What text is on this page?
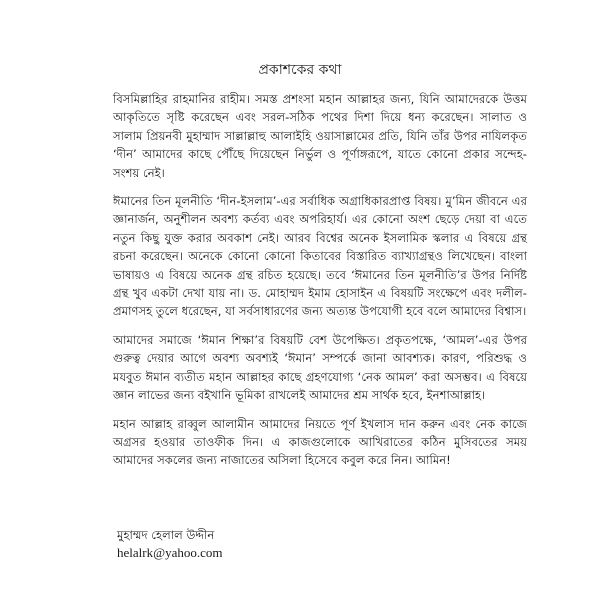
প্রকাশকের কথা

বিসমিল্লাহির রাহমানির রাহীম। সমস্ত প্রশংসা মহান আল্লাহর জন্য, যিনি আমাদেরকে উত্তম আকৃতিতে সৃষ্টি করেছেন এবং সরল-সঠিক পথের দিশা দিয়ে ধন্য করেছেন। সালাত ও সালাম প্রিয়নবী মুহাম্মাদ সাল্লাল্লাহু আলাইহি ওয়াসাল্লামের প্রতি, যিনি তাঁর উপর নাযিলকৃত ‘দীন’ আমাদের কাছে পৌঁছে দিয়েছেন নির্ভুল ও পূর্ণাঙ্গরূপে, যাতে কোনো প্রকার সন্দেহ-সংশয় নেই।

ঈমানের তিন মূলনীতি ‘দীন-ইসলাম’-এর সর্বাধিক অগ্রাধিকারপ্রাপ্ত বিষয়। মু’মিন জীবনে এর জ্ঞানার্জন, অনুশীলন অবশ্য কর্তব্য এবং অপরিহার্য। এর কোনো অংশ ছেড়ে দেয়া বা এতে নতুন কিছু যুক্ত করার অবকাশ নেই। আরব বিশ্বের অনেক ইসলামিক স্কলার এ বিষয়ে গ্রন্থ রচনা করেছেন। অনেকে কোনো কোনো কিতাবের বিস্তারিত ব্যাখ্যাগ্রন্থও লিখেছেন। বাংলা ভাষায়ও এ বিষয়ে অনেক গ্রন্থ রচিত হয়েছে। তবে ‘ঈমানের তিন মূলনীতি’র উপর নির্দিষ্ট গ্রন্থ খুব একটা দেখা যায় না। ড. মোহাম্মদ ইমাম হোসাইন এ বিষয়টি সংক্ষেপে এবং দলীল-প্রমাণসহ তুলে ধরেছেন, যা সর্বসাধারণের জন্য অত্যন্ত উপযোগী হবে বলে আমাদের বিশ্বাস।

আমাদের সমাজে ‘ঈমান শিক্ষা’র বিষয়টি বেশ উপেক্ষিত। প্রকৃতপক্ষে, ‘আমল’-এর উপর গুরুত্ব দেয়ার আগে অবশ্য অবশ্যই ‘ঈমান’ সম্পর্কে জানা আবশ্যক। কারণ, পরিশুদ্ধ ও মযবুত ঈমান ব্যতীত মহান আল্লাহর কাছে গ্রহণযোগ্য ‘নেক আমল’ করা অসম্ভব। এ বিষয়ে জ্ঞান লাভের জন্য বইখানি ভূমিকা রাখলেই আমাদের শ্রম সার্থক হবে, ইনশাআল্লাহ।

মহান আল্লাহ রাব্বুল আলামীন আমাদের নিয়তে পূর্ণ ইখলাস দান করুন এবং নেক কাজে অগ্রসর হওয়ার তাওফীক দিন। এ কাজগুলোকে আখিরাতের কঠিন মুসিবতের সময় আমাদের সকলের জন্য নাজাতের অসিলা হিসেবে কবুল করে নিন। আমিন!

মুহাম্মদ হেলাল উদ্দীন
helalrk@yahoo.com
